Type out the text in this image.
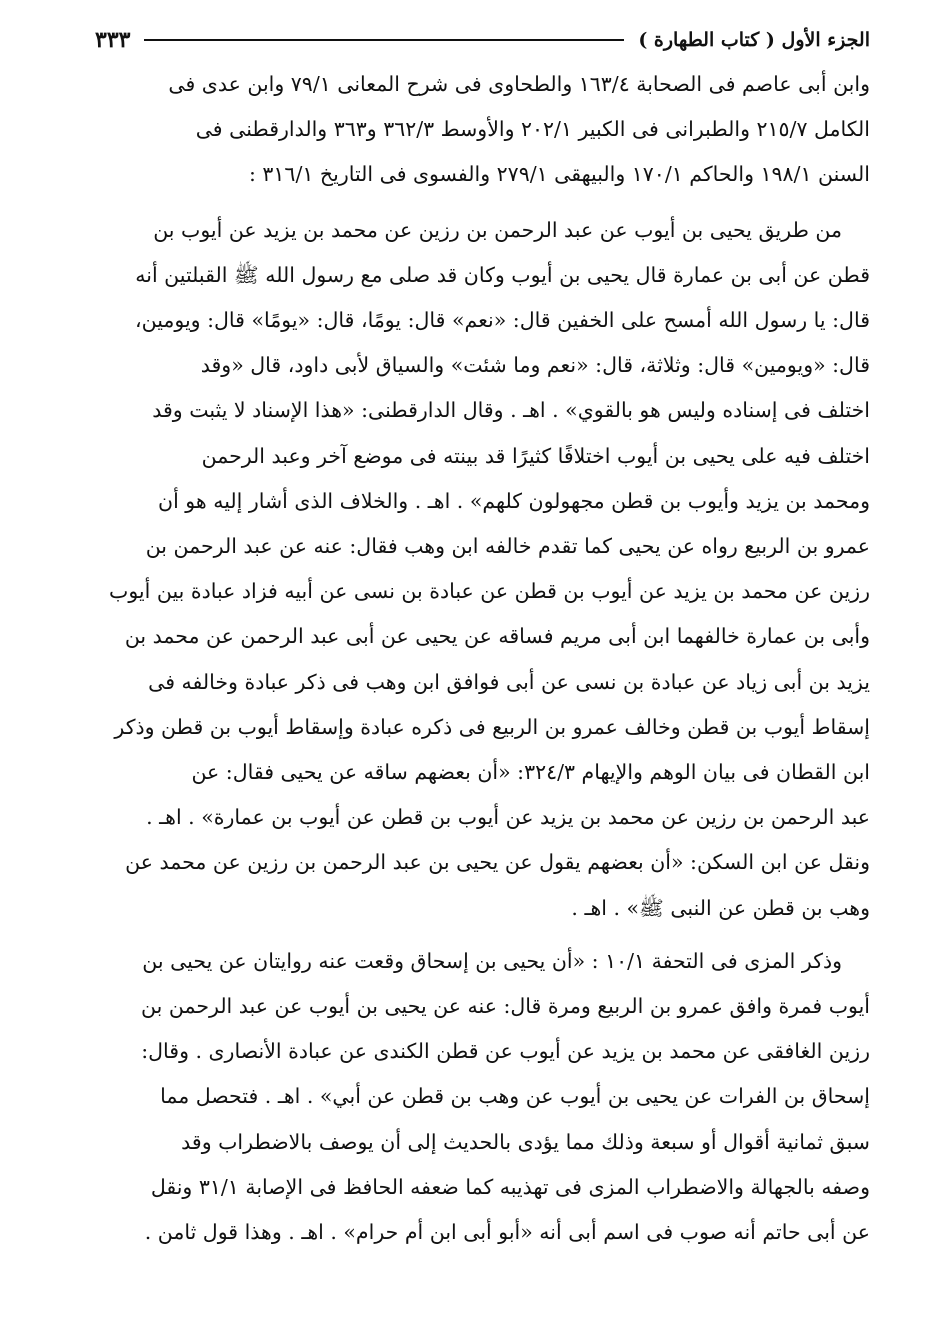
الجزء الأول ( كتاب الطهارة )
٣٣٣
وابن أبى عاصم فى الصحابة ١٦٣/٤ والطحاوى فى شرح المعانى ٧٩/١ وابن عدى فى
الكامل ٢١٥/٧ والطبرانى فى الكبير ٢٠٢/١ والأوسط ٣٦٢/٣ و٣٦٣ والدارقطنى فى
السنن ١٩٨/١ والحاكم ١٧٠/١ والبيهقى ٢٧٩/١ والفسوى فى التاريخ ٣١٦/١ :
من طريق يحيى بن أيوب عن عبد الرحمن بن رزين عن محمد بن يزيد عن أيوب بن
قطن عن أبى بن عمارة قال يحيى بن أيوب وكان قد صلى مع رسول الله ﷺ القبلتين أنه
قال: يا رسول الله أمسح على الخفين قال: «نعم» قال: يومًا، قال: «يومًا» قال: ويومين،
قال: «ويومين» قال: وثلاثة، قال: «نعم وما شئت» والسياق لأبى داود، قال «وقد
اختلف فى إسناده وليس هو بالقوي» . اهـ . وقال الدارقطنى: «هذا الإسناد لا يثبت وقد
اختلف فيه على يحيى بن أيوب اختلافًا كثيرًا قد بينته فى موضع آخر وعبد الرحمن
ومحمد بن يزيد وأيوب بن قطن مجهولون كلهم» . اهـ . والخلاف الذى أشار إليه هو أن
عمرو بن الربيع رواه عن يحيى كما تقدم خالفه ابن وهب فقال: عنه عن عبد الرحمن بن
رزين عن محمد بن يزيد عن أيوب بن قطن عن عبادة بن نسى عن أبيه فزاد عبادة بين أيوب
وأبى بن عمارة خالفهما ابن أبى مريم فساقه عن يحيى عن أبى عبد الرحمن عن محمد بن
يزيد بن أبى زياد عن عبادة بن نسى عن أبى فوافق ابن وهب فى ذكر عبادة وخالفه فى
إسقاط أيوب بن قطن وخالف عمرو بن الربيع فى ذكره عبادة وإسقاط أيوب بن قطن وذكر
ابن القطان فى بيان الوهم والإيهام ٣٢٤/٣: «أن بعضهم ساقه عن يحيى فقال: عن
عبد الرحمن بن رزين عن محمد بن يزيد عن أيوب بن قطن عن أيوب بن عمارة» . اهـ .
ونقل عن ابن السكن: «أن بعضهم يقول عن يحيى بن عبد الرحمن بن رزين عن محمد عن
وهب بن قطن عن النبى ﷺ» . اهـ .
وذكر المزى فى التحفة ١٠/١ : «أن يحيى بن إسحاق وقعت عنه روايتان عن يحيى بن
أيوب فمرة وافق عمرو بن الربيع ومرة قال: عنه عن يحيى بن أيوب عن عبد الرحمن بن
رزين الغافقى عن محمد بن يزيد عن أيوب عن قطن الكندى عن عبادة الأنصارى . وقال:
إسحاق بن الفرات عن يحيى بن أيوب عن وهب بن قطن عن أبي» . اهـ . فتحصل مما
سبق ثمانية أقوال أو سبعة وذلك مما يؤدى بالحديث إلى أن يوصف بالاضطراب وقد
وصفه بالجهالة والاضطراب المزى فى تهذيبه كما ضعفه الحافظ فى الإصابة ٣١/١ ونقل
عن أبى حاتم أنه صوب فى اسم أبى أنه «أبو أبى ابن أم حرام» . اهـ . وهذا قول ثامن .
